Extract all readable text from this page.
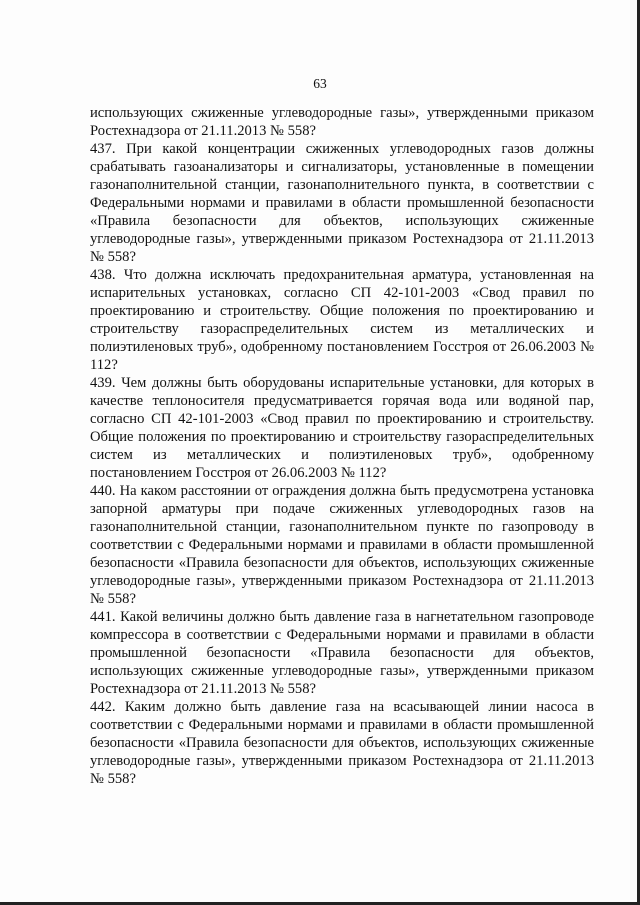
63

использующих сжиженные углеводородные газы», утвержденными приказом Ростехнадзора от 21.11.2013 № 558?

437. При какой концентрации сжиженных углеводородных газов должны срабатывать газоанализаторы и сигнализаторы, установленные в помещении газонаполнительной станции, газонаполнительного пункта, в соответствии с Федеральными нормами и правилами в области промышленной безопасности «Правила безопасности для объектов, использующих сжиженные углеводородные газы», утвержденными приказом Ростехнадзора от 21.11.2013 № 558?

438. Что должна исключать предохранительная арматура, установленная на испарительных установках, согласно СП 42-101-2003 «Свод правил по проектированию и строительству. Общие положения по проектированию и строительству газораспределительных систем из металлических и полиэтиленовых труб», одобренному постановлением Госстроя от 26.06.2003 № 112?

439. Чем должны быть оборудованы испарительные установки, для которых в качестве теплоносителя предусматривается горячая вода или водяной пар, согласно СП 42-101-2003 «Свод правил по проектированию и строительству. Общие положения по проектированию и строительству газораспределительных систем из металлических и полиэтиленовых труб», одобренному постановлением Госстроя от 26.06.2003 № 112?

440. На каком расстоянии от ограждения должна быть предусмотрена установка запорной арматуры при подаче сжиженных углеводородных газов на газонаполнительной станции, газонаполнительном пункте по газопроводу в соответствии с Федеральными нормами и правилами в области промышленной безопасности «Правила безопасности для объектов, использующих сжиженные углеводородные газы», утвержденными приказом Ростехнадзора от 21.11.2013 № 558?

441. Какой величины должно быть давление газа в нагнетательном газопроводе компрессора в соответствии с Федеральными нормами и правилами в области промышленной безопасности «Правила безопасности для объектов, использующих сжиженные углеводородные газы», утвержденными приказом Ростехнадзора от 21.11.2013 № 558?

442. Каким должно быть давление газа на всасывающей линии насоса в соответствии с Федеральными нормами и правилами в области промышленной безопасности «Правила безопасности для объектов, использующих сжиженные углеводородные газы», утвержденными приказом Ростехнадзора от 21.11.2013 № 558?
